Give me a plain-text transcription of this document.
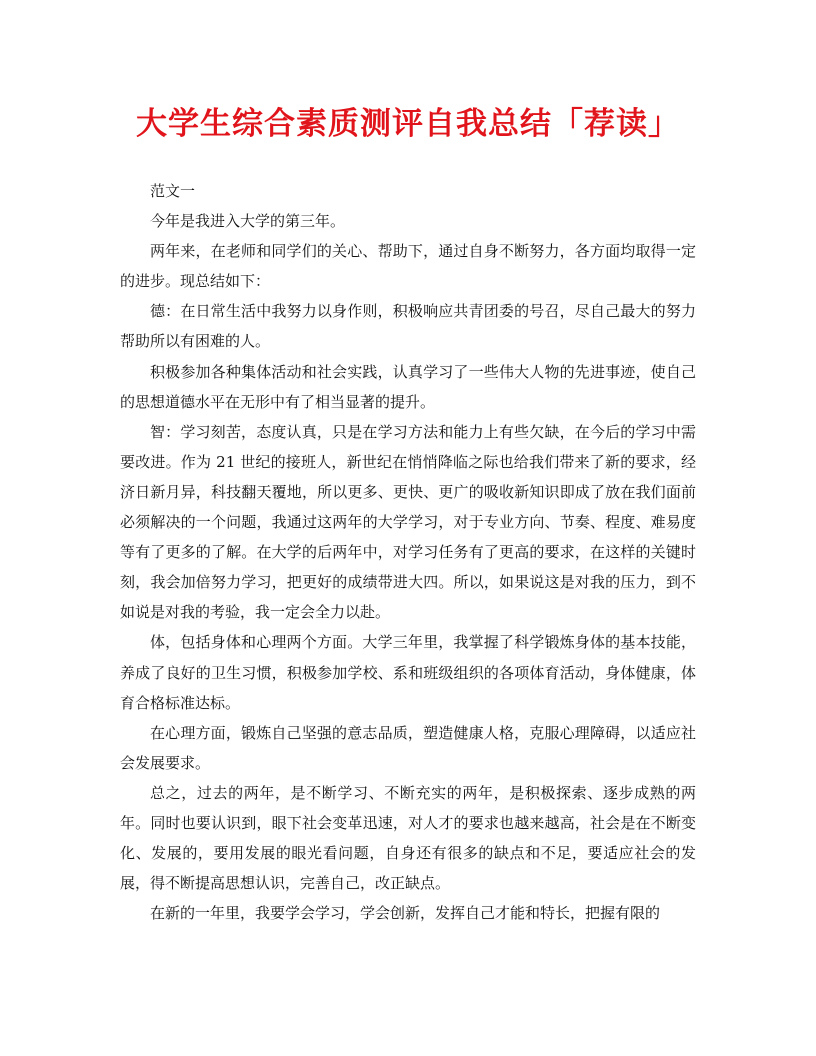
大学生综合素质测评自我总结「荐读」

范文一

今年是我进入大学的第三年。

两年来，在老师和同学们的关心、帮助下，通过自身不断努力，各方面均取得一定的进步。现总结如下：

德：在日常生活中我努力以身作则，积极响应共青团委的号召，尽自己最大的努力帮助所以有困难的人。

积极参加各种集体活动和社会实践，认真学习了一些伟大人物的先进事迹，使自己的思想道德水平在无形中有了相当显著的提升。

智：学习刻苦，态度认真，只是在学习方法和能力上有些欠缺，在今后的学习中需要改进。作为 21 世纪的接班人，新世纪在悄悄降临之际也给我们带来了新的要求，经济日新月异，科技翻天覆地，所以更多、更快、更广的吸收新知识即成了放在我们面前必须解决的一个问题，我通过这两年的大学学习，对于专业方向、节奏、程度、难易度等有了更多的了解。在大学的后两年中，对学习任务有了更高的要求，在这样的关键时刻，我会加倍努力学习，把更好的成绩带进大四。所以，如果说这是对我的压力，到不如说是对我的考验，我一定会全力以赴。

体，包括身体和心理两个方面。大学三年里，我掌握了科学锻炼身体的基本技能，养成了良好的卫生习惯，积极参加学校、系和班级组织的各项体育活动，身体健康，体育合格标准达标。

在心理方面，锻炼自己坚强的意志品质，塑造健康人格，克服心理障碍，以适应社会发展要求。

总之，过去的两年，是不断学习、不断充实的两年，是积极探索、逐步成熟的两年。同时也要认识到，眼下社会变革迅速，对人才的要求也越来越高，社会是在不断变化、发展的，要用发展的眼光看问题，自身还有很多的缺点和不足，要适应社会的发展，得不断提高思想认识，完善自己，改正缺点。

在新的一年里，我要学会学习，学会创新，发挥自己才能和特长，把握有限的
